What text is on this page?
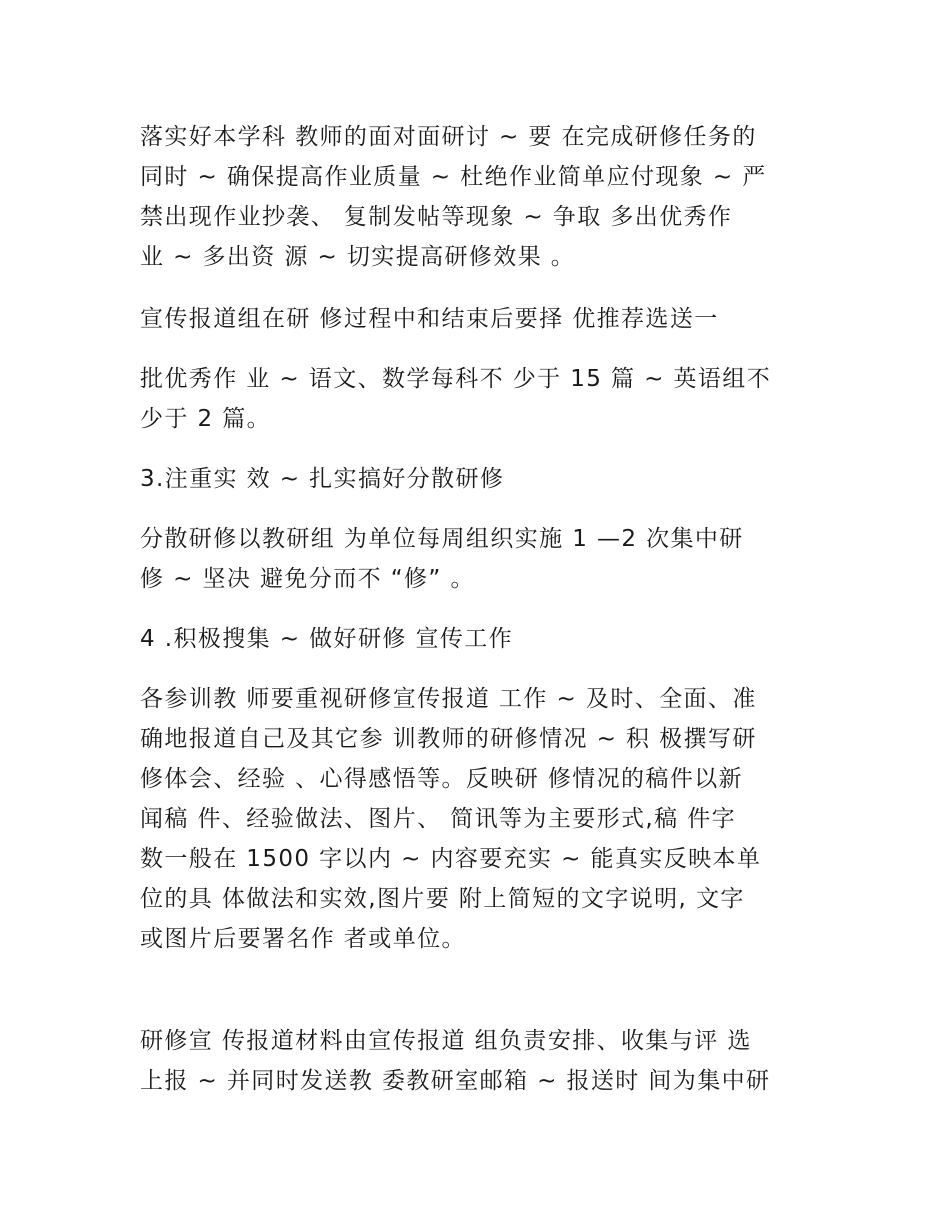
落实好本学科 教师的面对面研讨 ~ 要 在完成研修任务的
同时 ~ 确保提高作业质量 ~ 杜绝作业简单应付现象 ~ 严
禁出现作业抄袭、 复制发帖等现象 ~ 争取 多出优秀作
业 ~ 多出资 源 ~ 切实提高研修效果 。

宣传报道组在研 修过程中和结束后要择 优推荐选送一

批优秀作 业 ~ 语文、数学每科不 少于 15 篇 ~ 英语组不
少于 2 篇。

3.注重实 效 ~ 扎实搞好分散研修

分散研修以教研组 为单位每周组织实施 1 —2 次集中研
修 ~ 坚决 避免分而不 “修” 。

4 .积极搜集 ~ 做好研修 宣传工作

各参训教 师要重视研修宣传报道 工作 ~ 及时、全面、准
确地报道自己及其它参 训教师的研修情况 ~ 积 极撰写研
修体会、经验 、心得感悟等。反映研 修情况的稿件以新
闻稿 件、经验做法、图片、 简讯等为主要形式,稿 件字
数一般在 1500 字以内 ~ 内容要充实 ~ 能真实反映本单
位的具 体做法和实效,图片要 附上简短的文字说明, 文字
或图片后要署名作 者或单位。

研修宣 传报道材料由宣传报道 组负责安排、收集与评 选
上报 ~ 并同时发送教 委教研室邮箱 ~ 报送时 间为集中研
